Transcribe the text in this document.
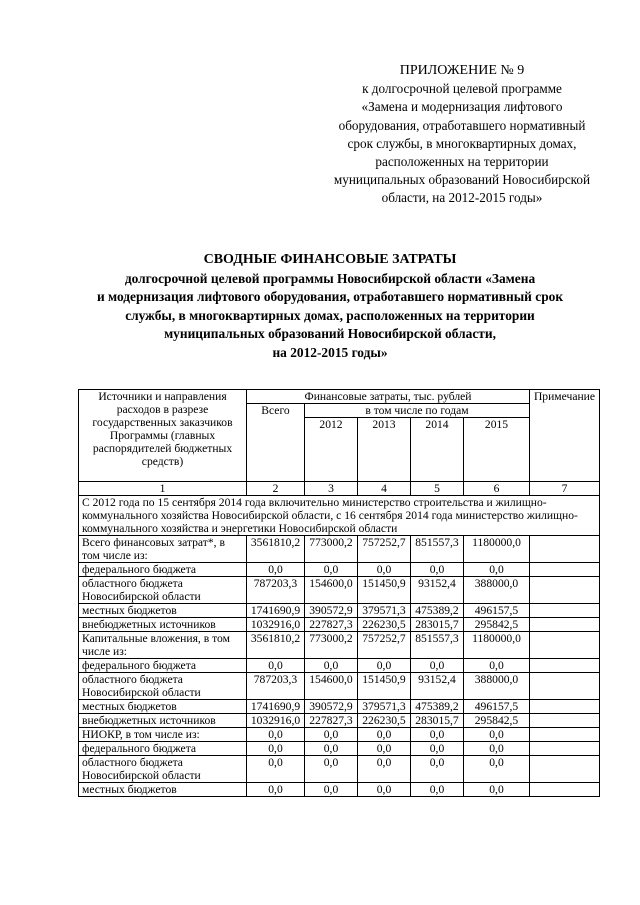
ПРИЛОЖЕНИЕ № 9
к долгосрочной целевой программе
«Замена и модернизация лифтового
оборудования, отработавшего нормативный
срок службы, в многоквартирных домах,
расположенных на территории
муниципальных образований Новосибирской
области, на 2012-2015 годы»
СВОДНЫЕ ФИНАНСОВЫЕ ЗАТРАТЫ
долгосрочной целевой программы Новосибирской области «Замена
и модернизация лифтового оборудования, отработавшего нормативный срок
службы, в многоквартирных домах, расположенных на территории
муниципальных образований Новосибирской области,
на 2012-2015 годы»
Источники и направления расходов в разрезе государственных заказчиков Программы (главных распорядителей бюджетных средств)	Финансовые затраты, тыс. рублей					Примечание
	Всего	в том числе по годам				
		2012	2013	2014	2015	
1	2	3	4	5	6	7
С 2012 года по 15 сентября 2014 года включительно министерство строительства и жилищно-коммунального хозяйства Новосибирской области, с 16 сентября 2014 года министерство жилищно-коммунального хозяйства и энергетики Новосибирской области						
Всего финансовых затрат*, в том числе из:	3561810,2	773000,2	757252,7	851557,3	1180000,0	
федерального бюджета	0,0	0,0	0,0	0,0	0,0	
областного бюджета Новосибирской области	787203,3	154600,0	151450,9	93152,4	388000,0	
местных бюджетов	1741690,9	390572,9	379571,3	475389,2	496157,5	
внебюджетных источников	1032916,0	227827,3	226230,5	283015,7	295842,5	
Капитальные вложения, в том числе из:	3561810,2	773000,2	757252,7	851557,3	1180000,0	
федерального бюджета	0,0	0,0	0,0	0,0	0,0	
областного бюджета Новосибирской области	787203,3	154600,0	151450,9	93152,4	388000,0	
местных бюджетов	1741690,9	390572,9	379571,3	475389,2	496157,5	
внебюджетных источников	1032916,0	227827,3	226230,5	283015,7	295842,5	
НИОКР, в том числе из:	0,0	0,0	0,0	0,0	0,0	
федерального бюджета	0,0	0,0	0,0	0,0	0,0	
областного бюджета Новосибирской области	0,0	0,0	0,0	0,0	0,0	
местных бюджетов	0,0	0,0	0,0	0,0	0,0	
